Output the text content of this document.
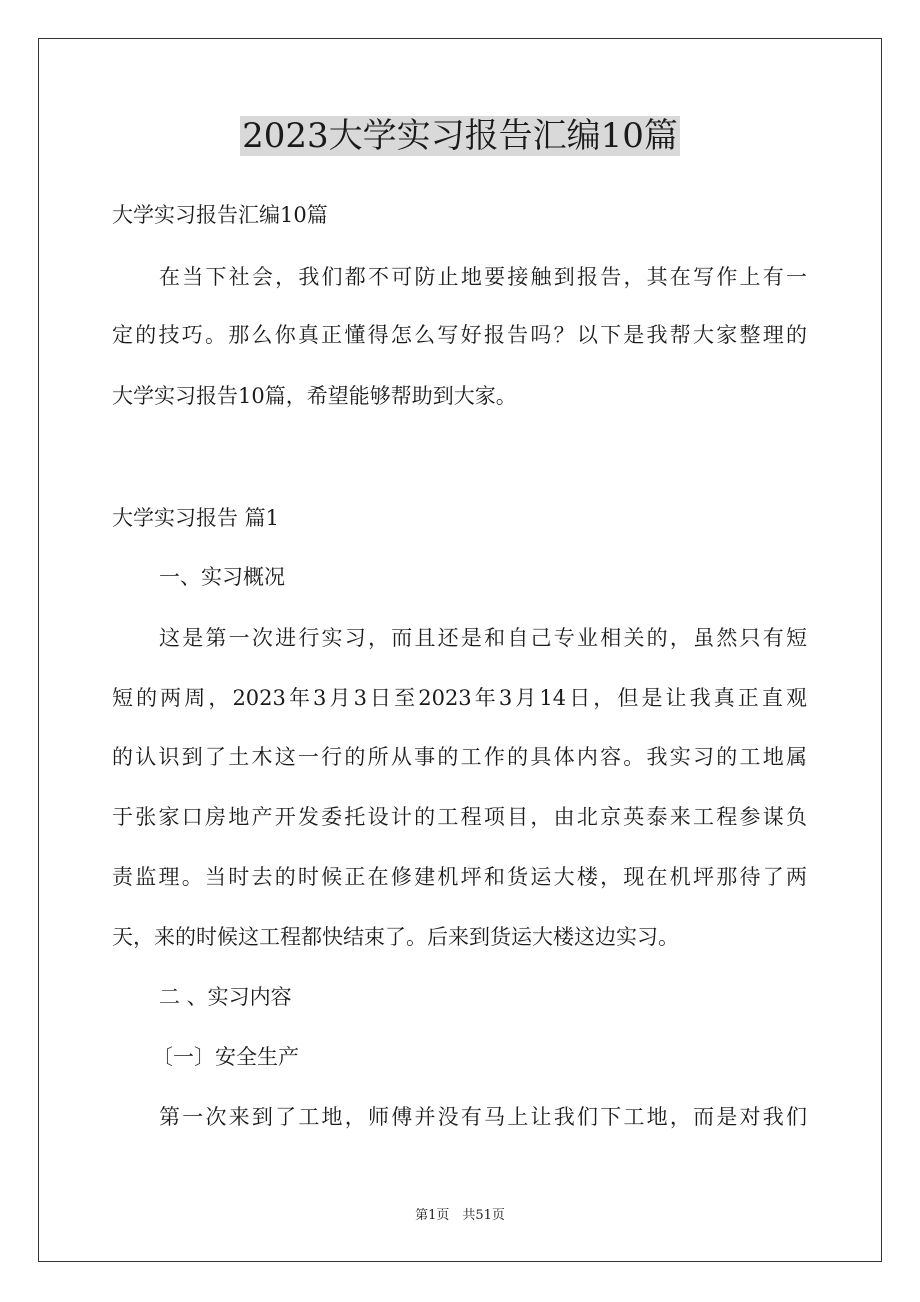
2023大学实习报告汇编10篇
大学实习报告汇编10篇
在当下社会，我们都不可防止地要接触到报告，其在写作上有一
定的技巧。那么你真正懂得怎么写好报告吗？以下是我帮大家整理的
大学实习报告10篇，希望能够帮助到大家。
大学实习报告 篇1
一、实习概况
这是第一次进行实习，而且还是和自己专业相关的，虽然只有短
短的两周，2023年3月3日至2023年3月14日，但是让我真正直观
的认识到了土木这一行的所从事的工作的具体内容。我实习的工地属
于张家口房地产开发委托设计的工程项目，由北京英泰来工程参谋负
责监理。当时去的时候正在修建机坪和货运大楼，现在机坪那待了两
天，来的时候这工程都快结束了。后来到货运大楼这边实习。
二 、实习内容
〔一〕安全生产
第一次来到了工地，师傅并没有马上让我们下工地，而是对我们
第1页　共51页
